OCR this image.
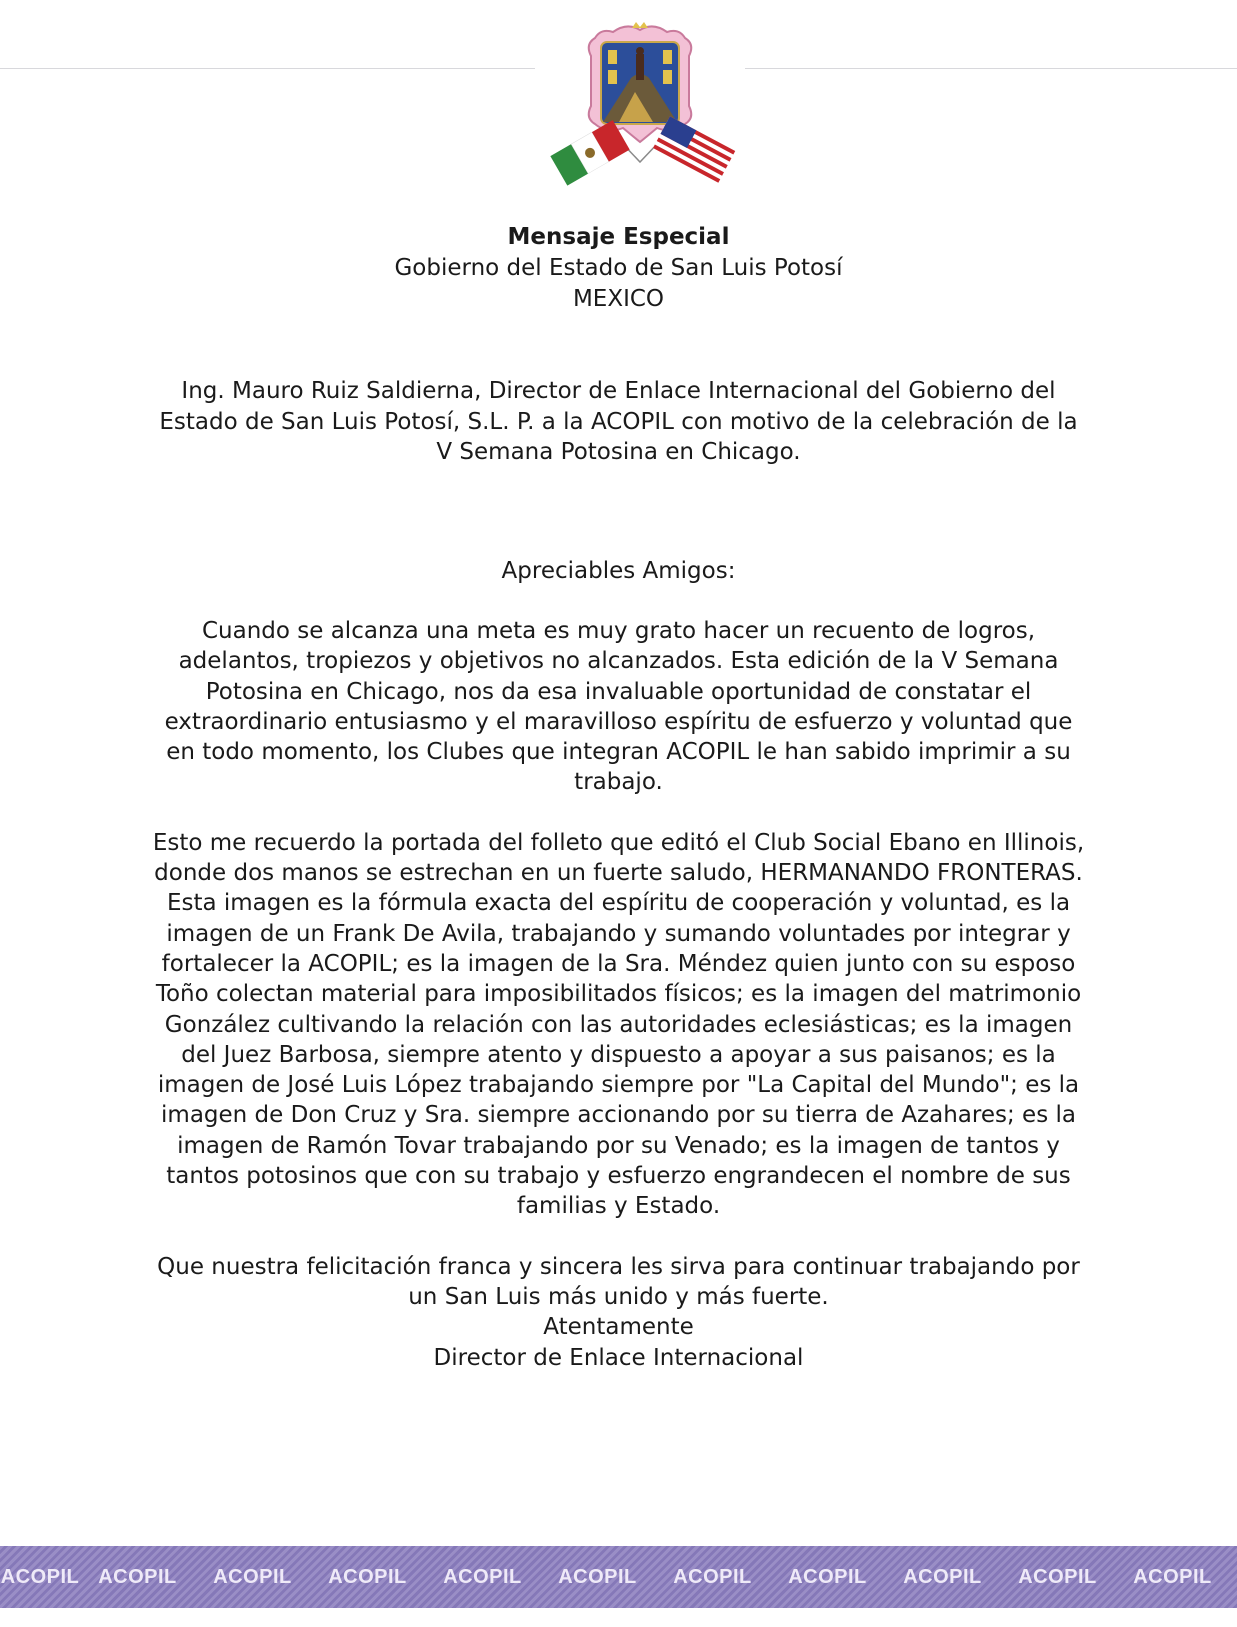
Mensaje Especial
Gobierno del Estado de San Luis Potosí
MEXICO
Ing. Mauro Ruiz Saldierna, Director de Enlace Internacional del Gobierno del Estado de San Luis Potosí, S.L. P. a la ACOPIL con motivo de la celebración de la V Semana Potosina en Chicago.
Apreciables Amigos:

Cuando se alcanza una meta es muy grato hacer un recuento de logros, adelantos, tropiezos y objetivos no alcanzados. Esta edición de la V Semana Potosina en Chicago, nos da esa invaluable oportunidad de constatar el extraordinario entusiasmo y el maravilloso espíritu de esfuerzo y voluntad que en todo momento, los Clubes que integran ACOPIL le han sabido imprimir a su trabajo.

Esto me recuerdo la portada del folleto que editó el Club Social Ebano en Illinois, donde dos manos se estrechan en un fuerte saludo, HERMANANDO FRONTERAS. Esta imagen es la fórmula exacta del espíritu de cooperación y voluntad, es la imagen de un Frank De Avila, trabajando y sumando voluntades por integrar y fortalecer la ACOPIL; es la imagen de la Sra. Méndez quien junto con su esposo Toño colectan material para imposibilitados físicos; es la imagen del matrimonio González cultivando la relación con las autoridades eclesiásticas; es la imagen del Juez Barbosa, siempre atento y dispuesto a apoyar a sus paisanos; es la imagen de José Luis López trabajando siempre por "La Capital del Mundo"; es la imagen de Don Cruz y Sra. siempre accionando por su tierra de Azahares; es la imagen de Ramón Tovar trabajando por su Venado; es la imagen de tantos y tantos potosinos que con su trabajo y esfuerzo engrandecen el nombre de sus familias y Estado.

Que nuestra felicitación franca y sincera les sirva para continuar trabajando por un San Luis más unido y más fuerte.

Atentamente
Director de Enlace Internacional
ACOPIL ACOPIL ACOPIL ACOPIL ACOPIL ACOPIL ACOPIL ACOPIL ACOPIL ACOPIL ACOPIL
